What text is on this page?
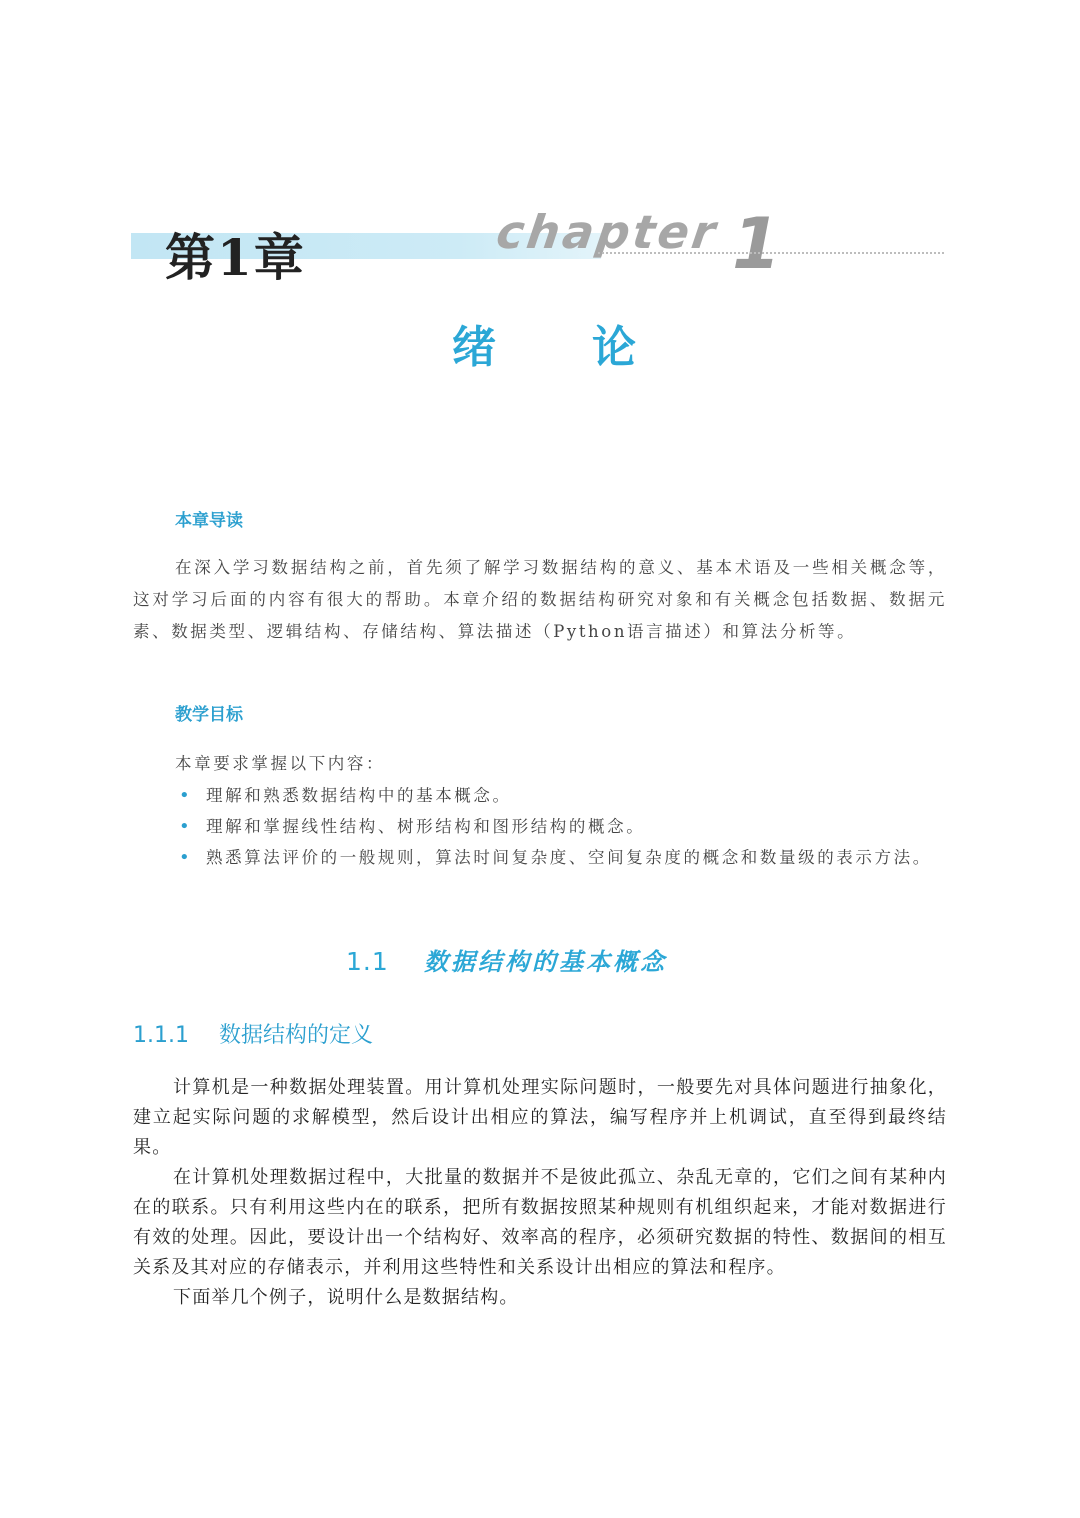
第1章	chapter 1
绪论
本章导读

在深入学习数据结构之前，首先须了解学习数据结构的意义、基本术语及一些相关概念等，这对学习后面的内容有很大的帮助。本章介绍的数据结构研究对象和有关概念包括数据、数据元素、数据类型、逻辑结构、存储结构、算法描述（Python语言描述）和算法分析等。

教学目标
本章要求掌握以下内容：
• 理解和熟悉数据结构中的基本概念。
• 理解和掌握线性结构、树形结构和图形结构的概念。
• 熟悉算法评价的一般规则，算法时间复杂度、空间复杂度的概念和数量级的表示方法。
1.1 数据结构的基本概念
1.1.1 数据结构的定义

计算机是一种数据处理装置。用计算机处理实际问题时，一般要先对具体问题进行抽象化，建立起实际问题的求解模型，然后设计出相应的算法，编写程序并上机调试，直至得到最终结果。

在计算机处理数据过程中，大批量的数据并不是彼此孤立、杂乱无章的，它们之间有某种内在的联系。只有利用这些内在的联系，把所有数据按照某种规则有机组织起来，才能对数据进行有效的处理。因此，要设计出一个结构好、效率高的程序，必须研究数据的特性、数据间的相互关系及其对应的存储表示，并利用这些特性和关系设计出相应的算法和程序。

下面举几个例子，说明什么是数据结构。
